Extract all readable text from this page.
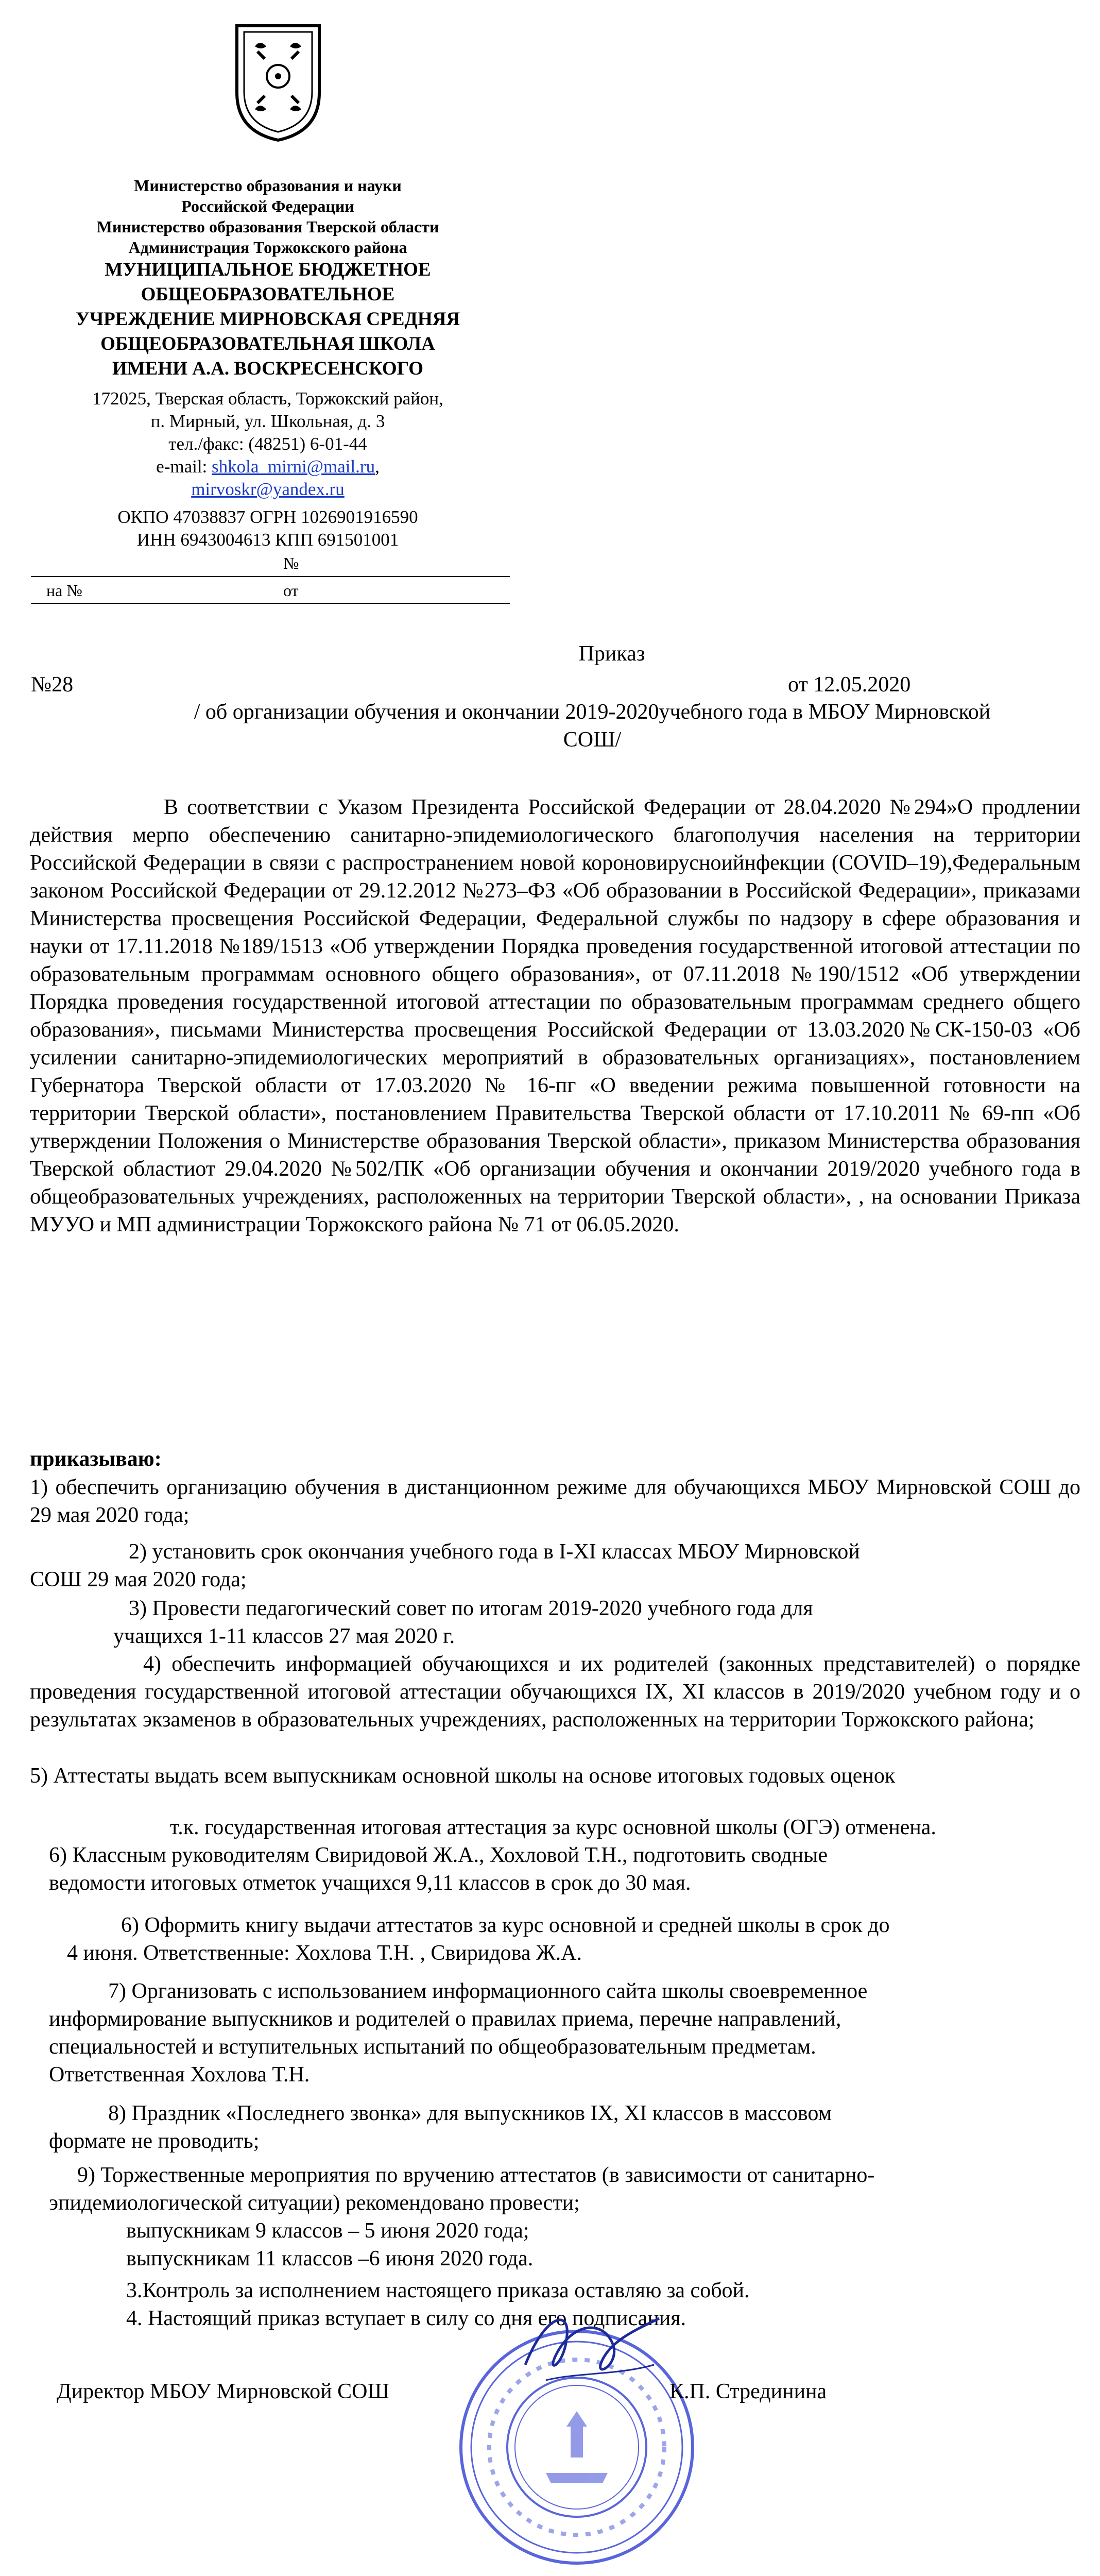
Министерство образования и науки
Российской Федерации
Министерство образования Тверской области
Администрация Торжокского района
МУНИЦИПАЛЬНОЕ БЮДЖЕТНОЕ
ОБЩЕОБРАЗОВАТЕЛЬНОЕ
УЧРЕЖДЕНИЕ МИРНОВСКАЯ СРЕДНЯЯ
ОБЩЕОБРАЗОВАТЕЛЬНАЯ ШКОЛА
ИМЕНИ А.А. ВОСКРЕСЕНСКОГО
172025, Тверская область, Торжокский район,
п. Мирный, ул. Школьная, д. 3
тел./факс: (48251) 6-01-44
e-mail: shkola_mirni@mail.ru,
mirvoskr@yandex.ru
ОКПО 47038837 ОГРН 1026901916590
ИНН 6943004613 КПП 691501001
№
на №	от
Приказ
№28	от 12.05.2020
/ об организации обучения и окончании 2019-2020учебного года в МБОУ Мирновской
СОШ/
В соответствии с Указом Президента Российской Федерации от 28.04.2020 №294»О продлении действия мерпо обеспечению санитарно-эпидемиологического благополучия населения на территории Российской Федерации в связи с распространением новой короновирусноийнфекции (COVID–19),Федеральным законом Российской Федерации от 29.12.2012 №273–ФЗ «Об образовании в Российской Федерации», приказами Министерства просвещения Российской Федерации, Федеральной службы по надзору в сфере образования и науки от 17.11.2018 №189/1513 «Об утверждении Порядка проведения государственной итоговой аттестации по образовательным программам основного общего образования», от 07.11.2018 №190/1512 «Об утверждении Порядка проведения государственной итоговой аттестации по образовательным программам среднего общего образования», письмами Министерства просвещения Российской Федерации от 13.03.2020№СК-150-03 «Об усилении санитарно-эпидемиологических мероприятий в образовательных организациях», постановлением Губернатора Тверской области от 17.03.2020 № 16-пг «О введении режима повышенной готовности на территории Тверской области», постановлением Правительства Тверской области от 17.10.2011 № 69-пп «Об утверждении Положения о Министерстве образования Тверской области», приказом Министерства образования Тверской областиот 29.04.2020 №502/ПК «Об организации обучения и окончании 2019/2020 учебного года в общеобразовательных учреждениях, расположенных на территории Тверской области», , на основании Приказа МУУО и МП администрации Торжокского района № 71 от 06.05.2020.
приказываю:
1) обеспечить организацию обучения в дистанционном режиме для обучающихся МБОУ Мирновской СОШ до 29 мая 2020 года;
2) установить срок окончания учебного года в I-XI классах МБОУ Мирновской
СОШ 29 мая 2020 года;
3) Провести педагогический совет по итогам 2019-2020 учебного года для
учащихся 1-11 классов 27 мая 2020 г.
4) обеспечить информацией обучающихся и их родителей (законных представителей) о порядке проведения государственной итоговой аттестации обучающихся IX, XI классов в 2019/2020 учебном году и о результатах экзаменов в образовательных учреждениях, расположенных на территории Торжокского района;
5) Аттестаты выдать всем выпускникам основной школы на основе итоговых годовых оценок
т.к. государственная итоговая аттестация за курс основной школы (ОГЭ) отменена.
6) Классным руководителям Свиридовой Ж.А., Хохловой Т.Н., подготовить сводные
ведомости итоговых отметок учащихся 9,11 классов в срок до 30 мая.
6) Оформить книгу выдачи аттестатов за курс основной и средней школы в срок до
4 июня. Ответственные: Хохлова Т.Н. , Свиридова Ж.А.
7) Организовать с использованием информационного сайта школы своевременное
информирование выпускников и родителей о правилах приема, перечне направлений,
специальностей и вступительных испытаний по общеобразовательным предметам.
Ответственная Хохлова Т.Н.
8) Праздник «Последнего звонка» для выпускников IX, XI классов в массовом
формате не проводить;
9) Торжественные мероприятия по вручению аттестатов (в зависимости от санитарно-
эпидемиологической ситуации) рекомендовано провести;
выпускникам 9 классов – 5 июня 2020 года;
выпускникам 11 классов –6 июня 2020 года.
3.Контроль за исполнением настоящего приказа оставляю за собой.
4. Настоящий приказ вступает в силу со дня его подписания.
Директор МБОУ Мирновской СОШ	К.П. Стрединина
